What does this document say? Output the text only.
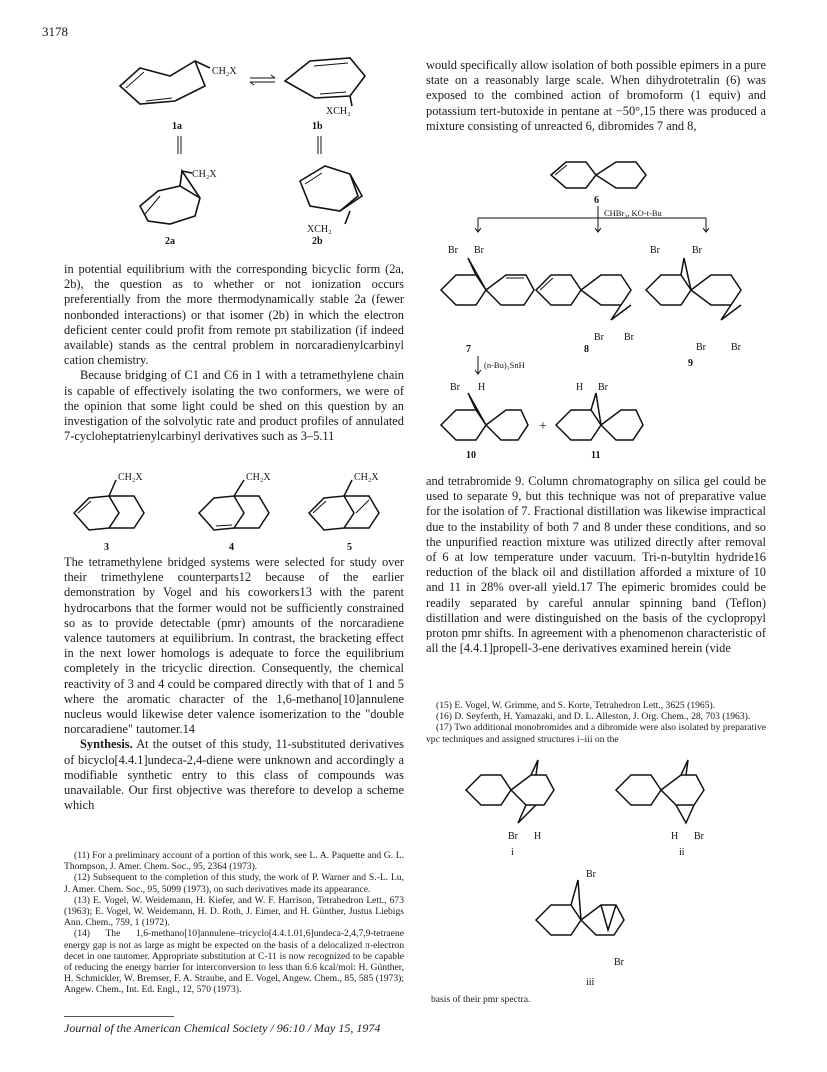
3178
CH₂X
1a
XCH₂
1b
CH₂X
2a
XCH₂
2b

in potential equilibrium with the corresponding bicyclic form (2a, 2b), the question as to whether or not ionization occurs preferentially from the more thermodynamically stable 2a (fewer nonbonded interactions) or that isomer (2b) in which the electron deficient center could profit from remote pπ stabilization (if indeed available) stands as the central problem in norcaradienylcarbinyl cation chemistry.

Because bridging of C1 and C6 in 1 with a tetramethylene chain is capable of effectively isolating the two conformers, we were of the opinion that some light could be shed on this question by an investigation of the solvolytic rate and product profiles of annulated 7-cycloheptatrienylcarbinyl derivatives such as 3–5.11

CH₂X
3
CH₂X
4
CH₂X
5

The tetramethylene bridged systems were selected for study over their trimethylene counterparts12 because of the earlier demonstration by Vogel and his coworkers13 with the parent hydrocarbons that the former would not be sufficiently constrained so as to provide detectable (pmr) amounts of the norcaradiene valence tautomers at equilibrium. In contrast, the bracketing effect in the next lower homologs is adequate to force the equilibrium completely in the tricyclic direction. Consequently, the chemical reactivity of 3 and 4 could be compared directly with that of 1 and 5 where the aromatic character of the 1,6-methano[10]annulene nucleus would likewise deter valence isomerization to the "double norcaradiene" tautomer.14

Synthesis. At the outset of this study, 11-substituted derivatives of bicyclo[4.4.1]undeca-2,4-diene were unknown and accordingly a modifiable synthetic entry to this class of compounds was unavailable. Our first objective was therefore to develop a scheme which

(11) For a preliminary account of a portion of this work, see L. A. Paquette and G. L. Thompson, J. Amer. Chem. Soc., 95, 2364 (1973).

(12) Subsequent to the completion of this study, the work of P. Warner and S.-L. Lu, J. Amer. Chem. Soc., 95, 5099 (1973), on such derivatives made its appearance.

(13) E. Vogel, W. Weidemann, H. Kiefer, and W. F. Harrison, Tetrahedron Lett., 673 (1963); E. Vogel, W. Weidemann, H. D. Roth, J. Eimer, and H. Günther, Justus Liebigs Ann. Chem., 759, 1 (1972).

(14) The 1,6-methano[10]annulene–tricyclo[4.4.1.01,6]undeca-2,4,7,9-tetraene energy gap is not as large as might be expected on the basis of a delocalized π-electron decet in one tautomer. Appropriate substitution at C-11 is now recognized to be capable of reducing the energy barrier for interconversion to less than 6.6 kcal/mol: H. Günther, H. Schmickler, W. Bremser, F. A. Straube, and E. Vogel, Angew. Chem., 85, 585 (1973); Angew. Chem., Int. Ed. Engl., 12, 570 (1973).

would specifically allow isolation of both possible epimers in a pure state on a reasonably large scale. When dihydrotetralin (6) was exposed to the combined action of bromoform (1 equiv) and potassium tert-butoxide in pentane at −50°,15 there was produced a mixture consisting of unreacted 6, dibromides 7 and 8,

6
CHBr₃, KO-t-Bu
Br Br
7
Br Br
8
Br	Br
Br	Br
9
(n-Bu)₃SnH
Br H
10
+
H Br
11

and tetrabromide 9. Column chromatography on silica gel could be used to separate 9, but this technique was not of preparative value for the isolation of 7. Fractional distillation was likewise impractical due to the instability of both 7 and 8 under these conditions, and so the unpurified reaction mixture was utilized directly after removal of 6 at low temperature under vacuum. Tri-n-butyltin hydride16 reduction of the black oil and distillation afforded a mixture of 10 and 11 in 28% over-all yield.17 The epimeric bromides could be readily separated by careful annular spinning band (Teflon) distillation and were distinguished on the basis of the cyclopropyl proton pmr shifts. In agreement with a phenomenon characteristic of all the [4.4.1]propell-3-ene derivatives examined herein (vide

(15) E. Vogel, W. Grimme, and S. Korte, Tetrahedron Lett., 3625 (1965).

(16) D. Seyferth, H. Yamazaki, and D. L. Alleston, J. Org. Chem., 28, 703 (1963).

(17) Two additional monobromides and a dibromide were also isolated by preparative vpc techniques and assigned structures i–iii on the

Br H
i
H Br
ii
Br
Br
iii
basis of their pmr spectra.
Journal of the American Chemical Society / 96:10 / May 15, 1974
